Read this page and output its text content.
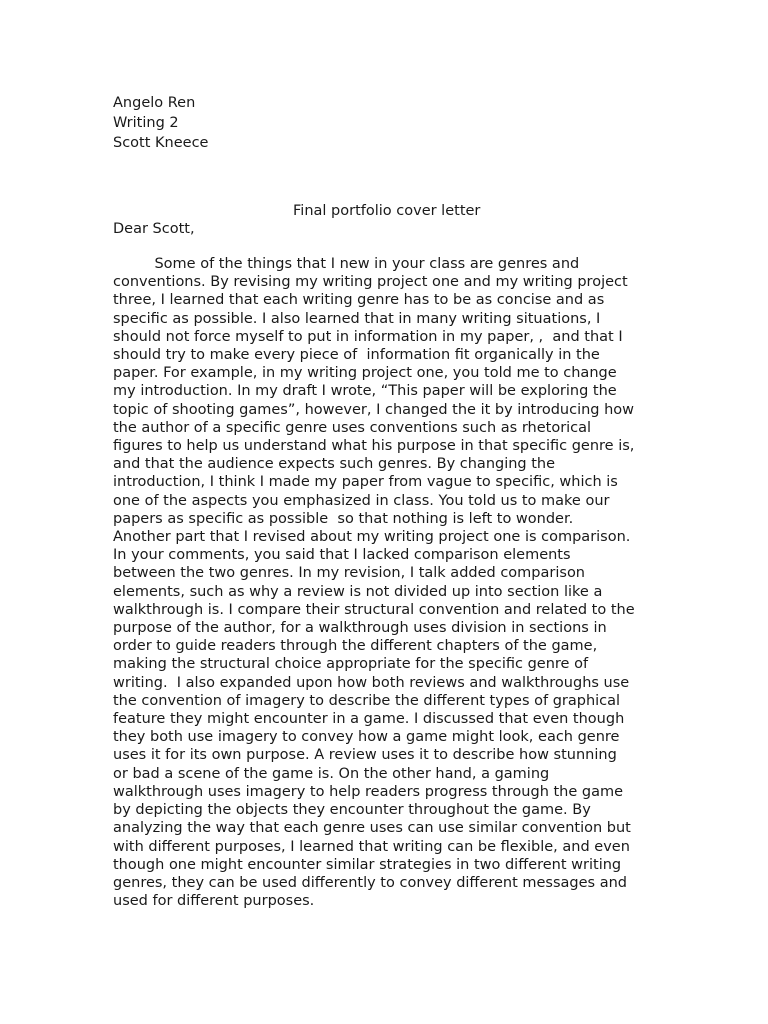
Angelo Ren
Writing 2
Scott Kneece
Final portfolio cover letter
Dear Scott,
Some of the things that I new in your class are genres and
conventions. By revising my writing project one and my writing project
three, I learned that each writing genre has to be as concise and as
specific as possible. I also learned that in many writing situations, I
should not force myself to put in information in my paper, ,  and that I
should try to make every piece of  information fit organically in the
paper. For example, in my writing project one, you told me to change
my introduction. In my draft I wrote, “This paper will be exploring the
topic of shooting games”, however, I changed the it by introducing how
the author of a specific genre uses conventions such as rhetorical
figures to help us understand what his purpose in that specific genre is,
and that the audience expects such genres. By changing the
introduction, I think I made my paper from vague to specific, which is
one of the aspects you emphasized in class. You told us to make our
papers as specific as possible  so that nothing is left to wonder.
Another part that I revised about my writing project one is comparison.
In your comments, you said that I lacked comparison elements
between the two genres. In my revision, I talk added comparison
elements, such as why a review is not divided up into section like a
walkthrough is. I compare their structural convention and related to the
purpose of the author, for a walkthrough uses division in sections in
order to guide readers through the different chapters of the game,
making the structural choice appropriate for the specific genre of
writing.  I also expanded upon how both reviews and walkthroughs use
the convention of imagery to describe the different types of graphical
feature they might encounter in a game. I discussed that even though
they both use imagery to convey how a game might look, each genre
uses it for its own purpose. A review uses it to describe how stunning
or bad a scene of the game is. On the other hand, a gaming
walkthrough uses imagery to help readers progress through the game
by depicting the objects they encounter throughout the game. By
analyzing the way that each genre uses can use similar convention but
with different purposes, I learned that writing can be flexible, and even
though one might encounter similar strategies in two different writing
genres, they can be used differently to convey different messages and
used for different purposes.
